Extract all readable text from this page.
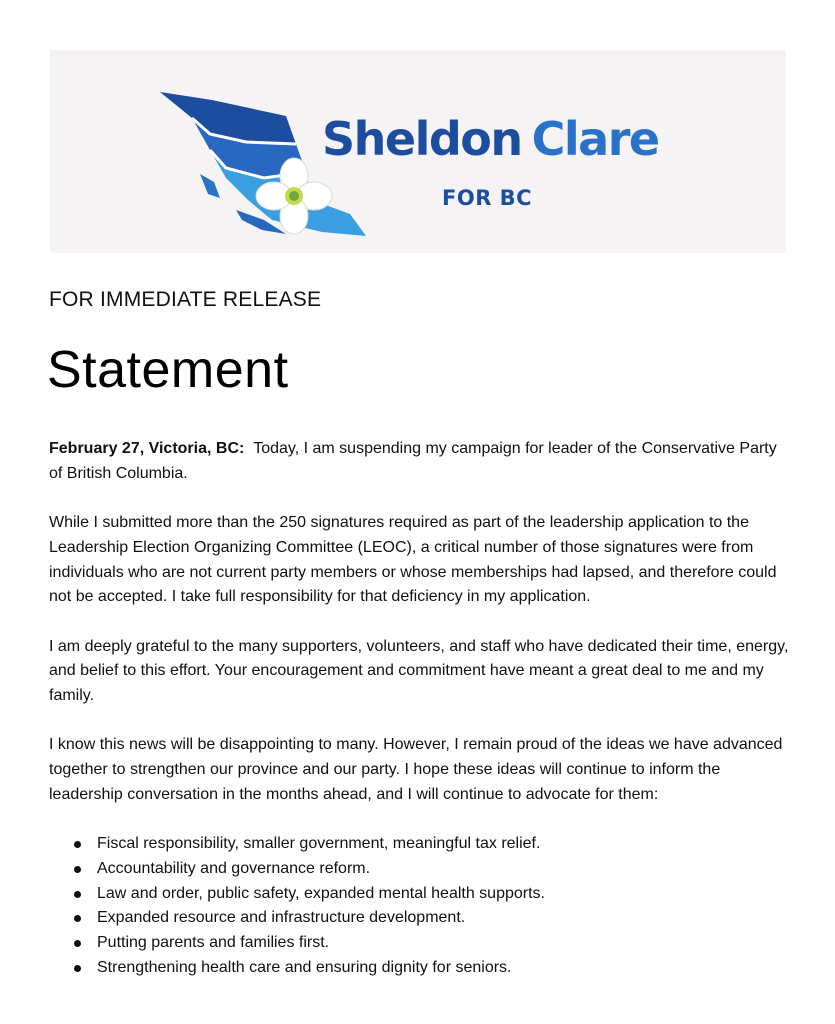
Sheldon Clare
FOR BC
FOR IMMEDIATE RELEASE
Statement

February 27, Victoria, BC: Today, I am suspending my campaign for leader of the Conservative Party of British Columbia.

While I submitted more than the 250 signatures required as part of the leadership application to the Leadership Election Organizing Committee (LEOC), a critical number of those signatures were from individuals who are not current party members or whose memberships had lapsed, and therefore could not be accepted. I take full responsibility for that deficiency in my application.

I am deeply grateful to the many supporters, volunteers, and staff who have dedicated their time, energy, and belief to this effort. Your encouragement and commitment have meant a great deal to me and my family.

I know this news will be disappointing to many. However, I remain proud of the ideas we have advanced together to strengthen our province and our party. I hope these ideas will continue to inform the leadership conversation in the months ahead, and I will continue to advocate for them:

Fiscal responsibility, smaller government, meaningful tax relief.
Accountability and governance reform.
Law and order, public safety, expanded mental health supports.
Expanded resource and infrastructure development.
Putting parents and families first.
Strengthening health care and ensuring dignity for seniors.
